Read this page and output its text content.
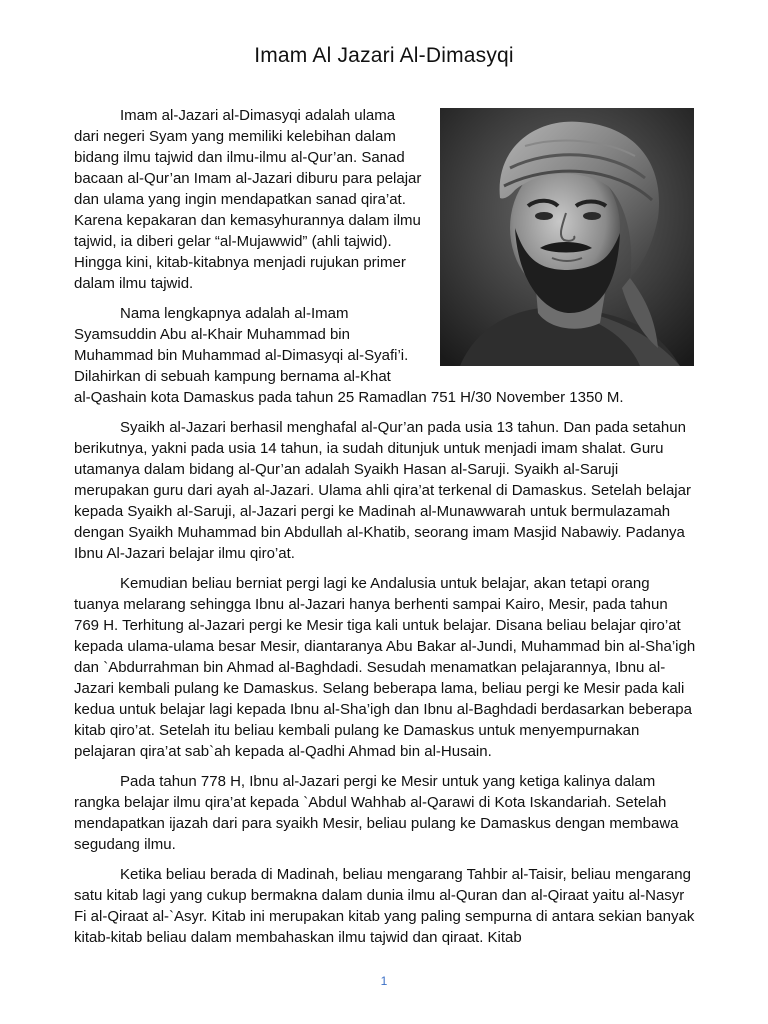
Imam Al Jazari Al-Dimasyqi

Imam al-Jazari al-Dimasyqi adalah ulama dari negeri Syam yang memiliki kelebihan dalam bidang ilmu tajwid dan ilmu-ilmu al-Qur’an. Sanad bacaan al-Qur’an Imam al-Jazari diburu para pelajar dan ulama yang ingin mendapatkan sanad qira’at. Karena kepakaran dan kemasyhurannya dalam ilmu tajwid, ia diberi gelar “al-Mujawwid” (ahli tajwid). Hingga kini, kitab-kitabnya menjadi rujukan primer dalam ilmu tajwid.

Nama lengkapnya adalah al-Imam
Syamsuddin Abu al-Khair Muhammad bin
Muhammad bin Muhammad al-Dimasyqi al-Syafi’i.
Dilahirkan di sebuah kampung bernama al-Khat
al-Qashain kota Damaskus pada tahun 25 Ramadlan 751 H/30 November 1350 M.

Syaikh al-Jazari berhasil menghafal al-Qur’an pada usia 13 tahun. Dan pada setahun berikutnya, yakni pada usia 14 tahun, ia sudah ditunjuk untuk menjadi imam shalat. Guru utamanya dalam bidang al-Qur’an adalah Syaikh Hasan al-Saruji. Syaikh al-Saruji merupakan guru dari ayah al-Jazari. Ulama ahli qira’at terkenal di Damaskus. Setelah belajar kepada Syaikh al-Saruji, al-Jazari pergi ke Madinah al-Munawwarah untuk bermulazamah dengan Syaikh Muhammad bin Abdullah al-Khatib, seorang imam Masjid Nabawiy. Padanya Ibnu Al-Jazari belajar ilmu qiro’at.

Kemudian beliau berniat pergi lagi ke Andalusia untuk belajar, akan tetapi orang tuanya melarang sehingga Ibnu al-Jazari hanya berhenti sampai Kairo, Mesir, pada tahun 769 H. Terhitung al-Jazari pergi ke Mesir tiga kali untuk belajar. Disana beliau belajar qiro’at kepada ulama-ulama besar Mesir, diantaranya Abu Bakar al-Jundi, Muhammad bin al-Sha’igh dan `Abdurrahman bin Ahmad al-Baghdadi. Sesudah menamatkan pelajarannya, Ibnu al-Jazari kembali pulang ke Damaskus. Selang beberapa lama, beliau pergi ke Mesir pada kali kedua untuk belajar lagi kepada Ibnu al-Sha’igh dan Ibnu al-Baghdadi berdasarkan beberapa kitab qiro’at. Setelah itu beliau kembali pulang ke Damaskus untuk menyempurnakan pelajaran qira’at sab`ah kepada al-Qadhi Ahmad bin al-Husain.

Pada tahun 778 H, Ibnu al-Jazari pergi ke Mesir untuk yang ketiga kalinya dalam rangka belajar ilmu qira’at kepada `Abdul Wahhab al-Qarawi di Kota Iskandariah. Setelah mendapatkan ijazah dari para syaikh Mesir, beliau pulang ke Damaskus dengan membawa segudang ilmu.

Ketika beliau berada di Madinah, beliau mengarang Tahbir al-Taisir, beliau mengarang satu kitab lagi yang cukup bermakna dalam dunia ilmu al-Quran dan al-Qiraat yaitu al-Nasyr Fi al-Qiraat al-`Asyr. Kitab ini merupakan kitab yang paling sempurna di antara sekian banyak kitab-kitab beliau dalam membahaskan ilmu tajwid dan qiraat. Kitab

1
